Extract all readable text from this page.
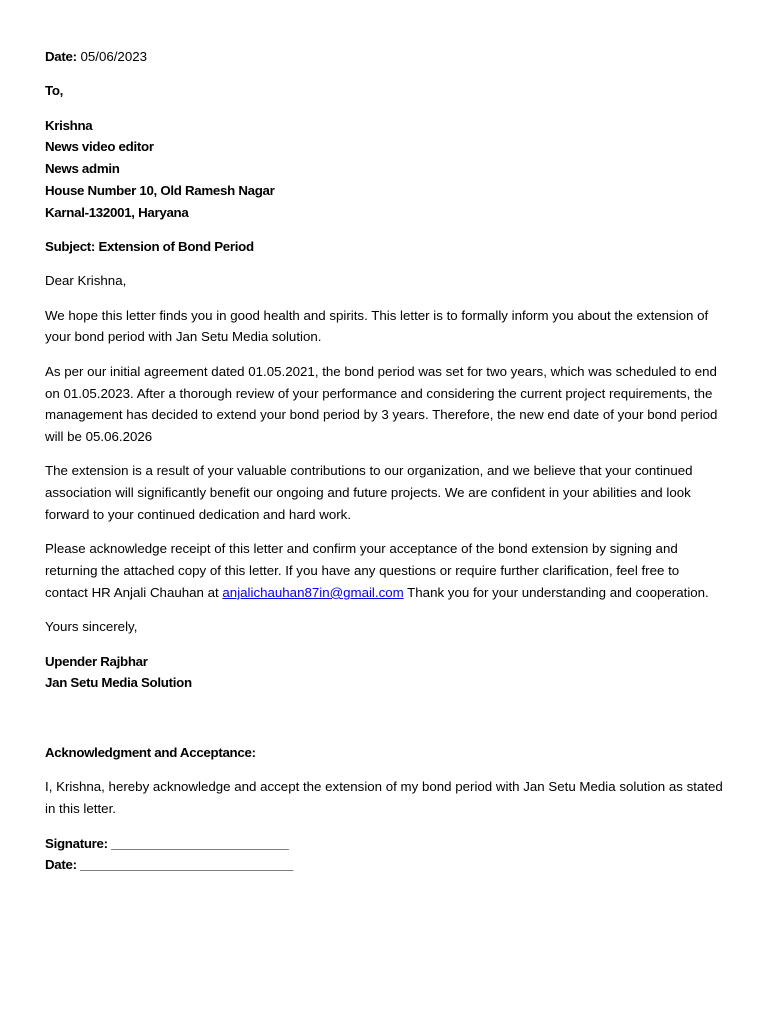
Date: 05/06/2023

To,

Krishna

News video editor

News admin

House Number 10, Old Ramesh Nagar

Karnal-132001, Haryana

Subject: Extension of Bond Period

Dear Krishna,

We hope this letter finds you in good health and spirits. This letter is to formally inform you about the extension of your bond period with Jan Setu Media solution.

As per our initial agreement dated 01.05.2021, the bond period was set for two years, which was scheduled to end on 01.05.2023. After a thorough review of your performance and considering the current project requirements, the management has decided to extend your bond period by 3 years. Therefore, the new end date of your bond period will be 05.06.2026

The extension is a result of your valuable contributions to our organization, and we believe that your continued association will significantly benefit our ongoing and future projects. We are confident in your abilities and look forward to your continued dedication and hard work.

Please acknowledge receipt of this letter and confirm your acceptance of the bond extension by signing and returning the attached copy of this letter. If you have any questions or require further clarification, feel free to contact HR Anjali Chauhan at anjalichauhan87in@gmail.com Thank you for your understanding and cooperation.

Yours sincerely,

Upender Rajbhar

Jan Setu Media Solution

Acknowledgment and Acceptance:

I, Krishna, hereby acknowledge and accept the extension of my bond period with Jan Setu Media solution as stated in this letter.

Signature: _________________________

Date: ______________________________
